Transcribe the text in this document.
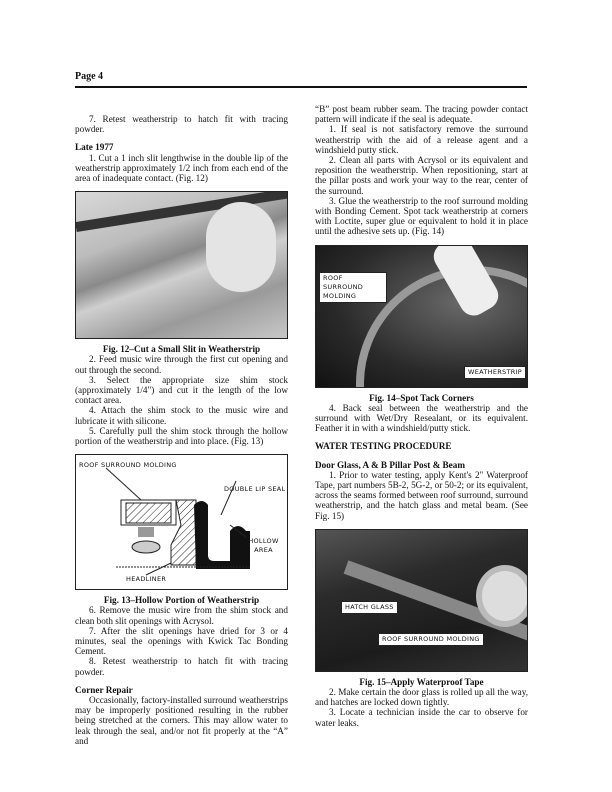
Page 4

7. Retest weatherstrip to hatch fit with tracing powder.

Late 1977

1. Cut a 1 inch slit lengthwise in the double lip of the weatherstrip approximately 1/2 inch from each end of the area of inadequate contact. (Fig. 12)

Fig. 12–Cut a Small Slit in Weatherstrip

2. Feed music wire through the first cut opening and out through the second.

3. Select the appropriate size shim stock (approximately 1/4") and cut it the length of the low contact area.

4. Attach the shim stock to the music wire and lubricate it with silicone.

5. Carefully pull the shim stock through the hollow portion of the weatherstrip and into place. (Fig. 13)

ROOF SURROUND MOLDING
DOUBLE LIP SEAL
HOLLOW AREA
HEADLINER

Fig. 13–Hollow Portion of Weatherstrip

6. Remove the music wire from the shim stock and clean both slit openings with Acrysol.

7. After the slit openings have dried for 3 or 4 minutes, seal the openings with Kwick Tac Bonding Cement.

8. Retest weatherstrip to hatch fit with tracing powder.

Corner Repair

Occasionally, factory-installed surround weatherstrips may be improperly positioned resulting in the rubber being stretched at the corners. This may allow water to leak through the seal, and/or not fit properly at the “A” and

“B” post beam rubber seam. The tracing powder contact pattern will indicate if the seal is adequate.

1. If seal is not satisfactory remove the surround weatherstrip with the aid of a release agent and a windshield putty stick.

2. Clean all parts with Acrysol or its equivalent and reposition the weatherstrip. When repositioning, start at the pillar posts and work your way to the rear, center of the surround.

3. Glue the weatherstrip to the roof surround molding with Bonding Cement. Spot tack weatherstrip at corners with Loctite, super glue or equivalent to hold it in place until the adhesive sets up. (Fig. 14)

ROOF SURROUND MOLDING
WEATHERSTRIP

Fig. 14–Spot Tack Corners

4. Back seal between the weatherstrip and the surround with Wet/Dry Resealant, or its equivalent. Feather it in with a windshield/putty stick.

WATER TESTING PROCEDURE

Door Glass, A & B Pillar Post & Beam

1. Prior to water testing, apply Kent's 2" Waterproof Tape, part numbers 5B-2, 5G-2, or 50-2; or its equivalent, across the seams formed between roof surround, surround weatherstrip, and the hatch glass and metal beam. (See Fig. 15)

HATCH GLASS
ROOF SURROUND MOLDING

Fig. 15–Apply Waterproof Tape

2. Make certain the door glass is rolled up all the way, and hatches are locked down tightly.

3. Locate a technician inside the car to observe for water leaks.
